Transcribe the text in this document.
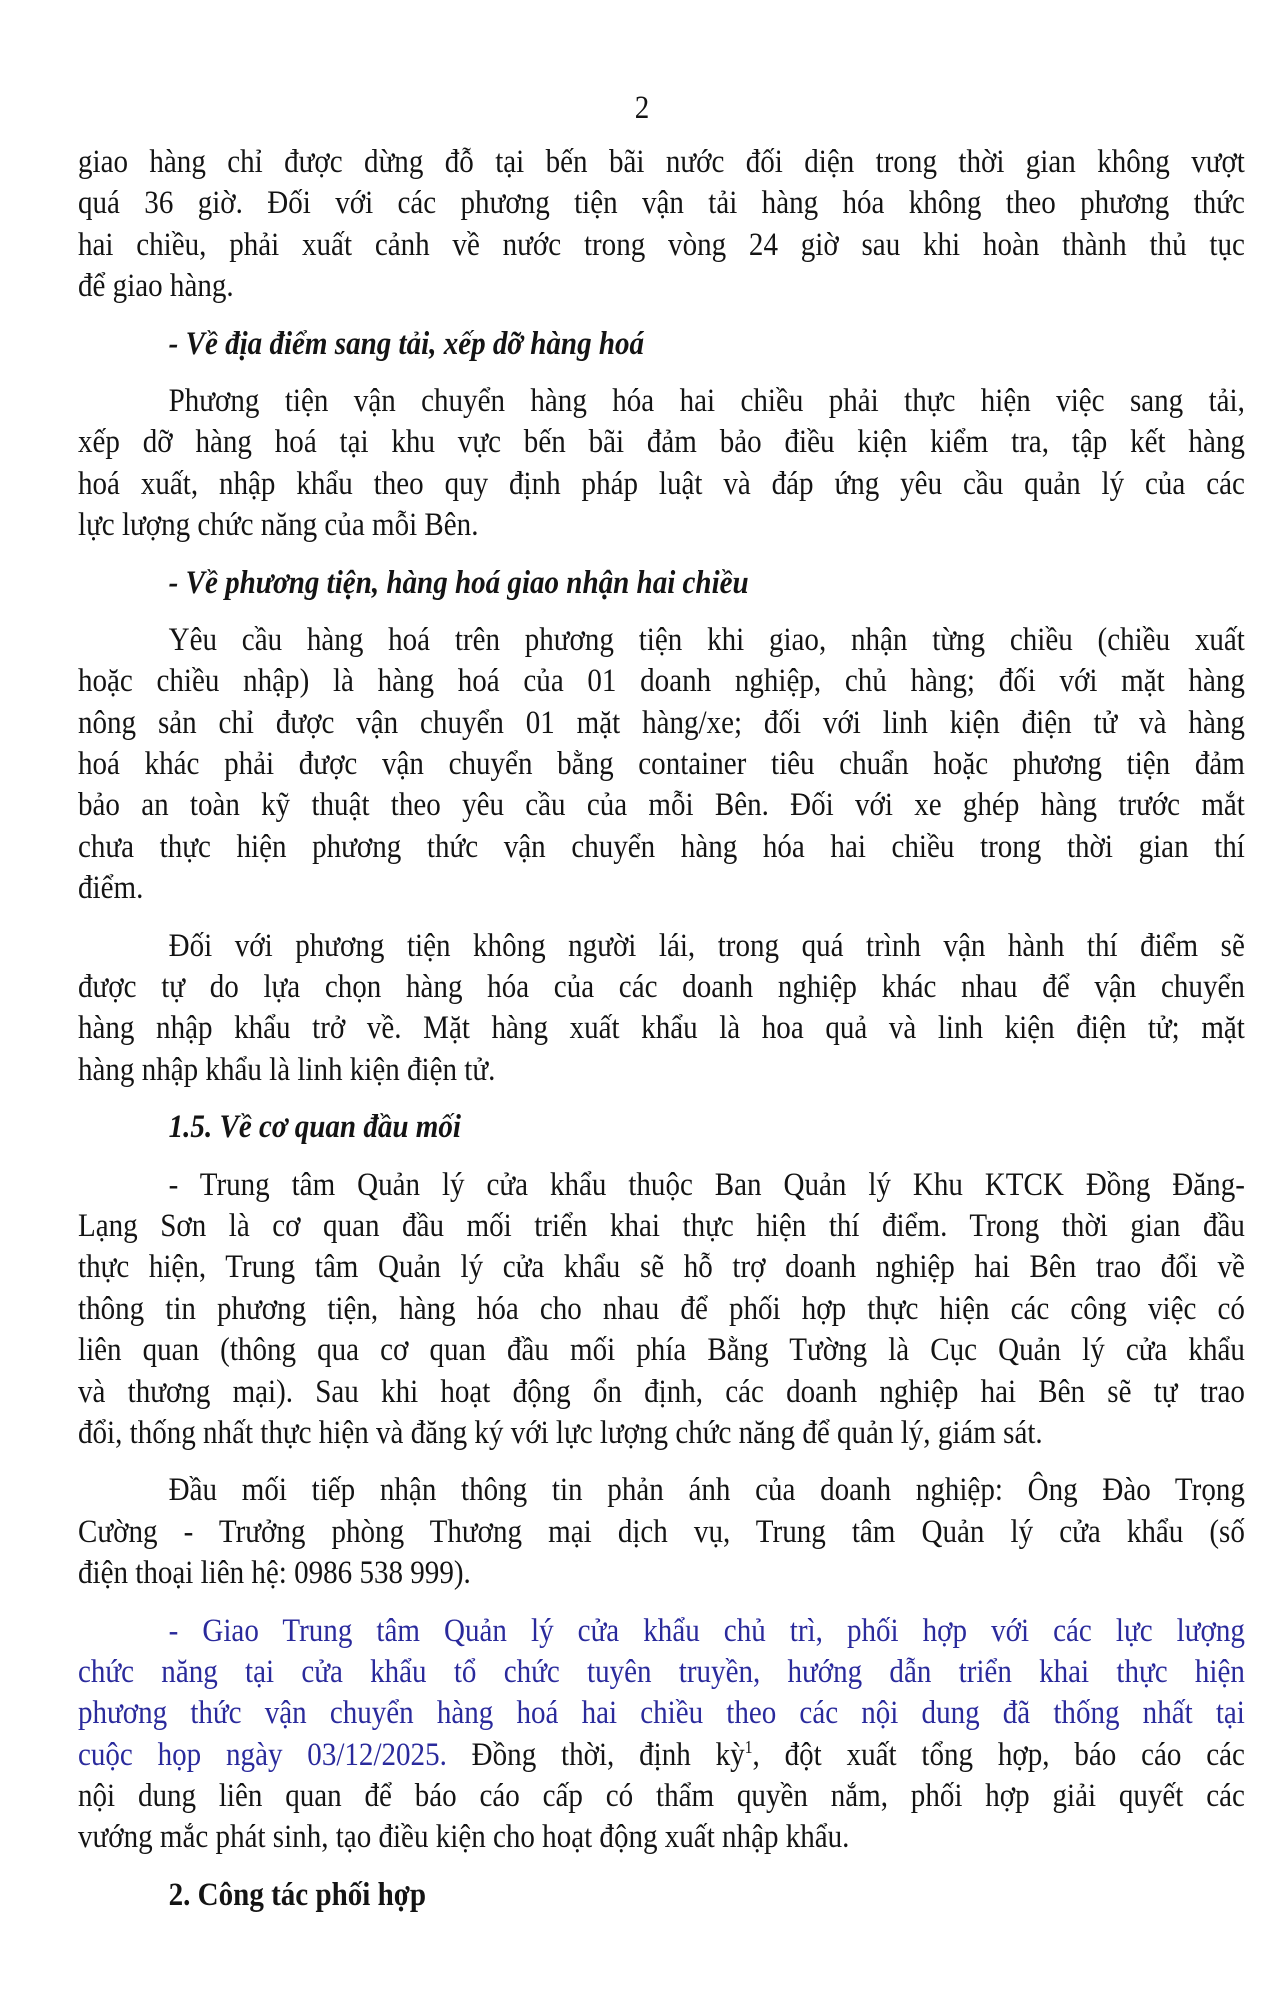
2
giao hàng chỉ được dừng đỗ tại bến bãi nước đối diện trong thời gian không vượt
quá 36 giờ. Đối với các phương tiện vận tải hàng hóa không theo phương thức
hai chiều, phải xuất cảnh về nước trong vòng 24 giờ sau khi hoàn thành thủ tục
để giao hàng.
- Về địa điểm sang tải, xếp dỡ hàng hoá
Phương tiện vận chuyển hàng hóa hai chiều phải thực hiện việc sang tải,
xếp dỡ hàng hoá tại khu vực bến bãi đảm bảo điều kiện kiểm tra, tập kết hàng
hoá xuất, nhập khẩu theo quy định pháp luật và đáp ứng yêu cầu quản lý của các
lực lượng chức năng của mỗi Bên.
- Về phương tiện, hàng hoá giao nhận hai chiều
Yêu cầu hàng hoá trên phương tiện khi giao, nhận từng chiều (chiều xuất
hoặc chiều nhập) là hàng hoá của 01 doanh nghiệp, chủ hàng; đối với mặt hàng
nông sản chỉ được vận chuyển 01 mặt hàng/xe; đối với linh kiện điện tử và hàng
hoá khác phải được vận chuyển bằng container tiêu chuẩn hoặc phương tiện đảm
bảo an toàn kỹ thuật theo yêu cầu của mỗi Bên. Đối với xe ghép hàng trước mắt
chưa thực hiện phương thức vận chuyển hàng hóa hai chiều trong thời gian thí
điểm.
Đối với phương tiện không người lái, trong quá trình vận hành thí điểm sẽ
được tự do lựa chọn hàng hóa của các doanh nghiệp khác nhau để vận chuyển
hàng nhập khẩu trở về. Mặt hàng xuất khẩu là hoa quả và linh kiện điện tử; mặt
hàng nhập khẩu là linh kiện điện tử.
1.5. Về cơ quan đầu mối
- Trung tâm Quản lý cửa khẩu thuộc Ban Quản lý Khu KTCK Đồng Đăng-
Lạng Sơn là cơ quan đầu mối triển khai thực hiện thí điểm. Trong thời gian đầu
thực hiện, Trung tâm Quản lý cửa khẩu sẽ hỗ trợ doanh nghiệp hai Bên trao đổi về
thông tin phương tiện, hàng hóa cho nhau để phối hợp thực hiện các công việc có
liên quan (thông qua cơ quan đầu mối phía Bằng Tường là Cục Quản lý cửa khẩu
và thương mại). Sau khi hoạt động ổn định, các doanh nghiệp hai Bên sẽ tự trao
đổi, thống nhất thực hiện và đăng ký với lực lượng chức năng để quản lý, giám sát.
Đầu mối tiếp nhận thông tin phản ánh của doanh nghiệp: Ông Đào Trọng
Cường - Trưởng phòng Thương mại dịch vụ, Trung tâm Quản lý cửa khẩu (số
điện thoại liên hệ: 0986 538 999).
- Giao Trung tâm Quản lý cửa khẩu chủ trì, phối hợp với các lực lượng
chức năng tại cửa khẩu tổ chức tuyên truyền, hướng dẫn triển khai thực hiện
phương thức vận chuyển hàng hoá hai chiều theo các nội dung đã thống nhất tại
cuộc họp ngày 03/12/2025. Đồng thời, định kỳ$^1$, đột xuất tổng hợp, báo cáo các
nội dung liên quan để báo cáo cấp có thẩm quyền nắm, phối hợp giải quyết các
vướng mắc phát sinh, tạo điều kiện cho hoạt động xuất nhập khẩu.
2. Công tác phối hợp
